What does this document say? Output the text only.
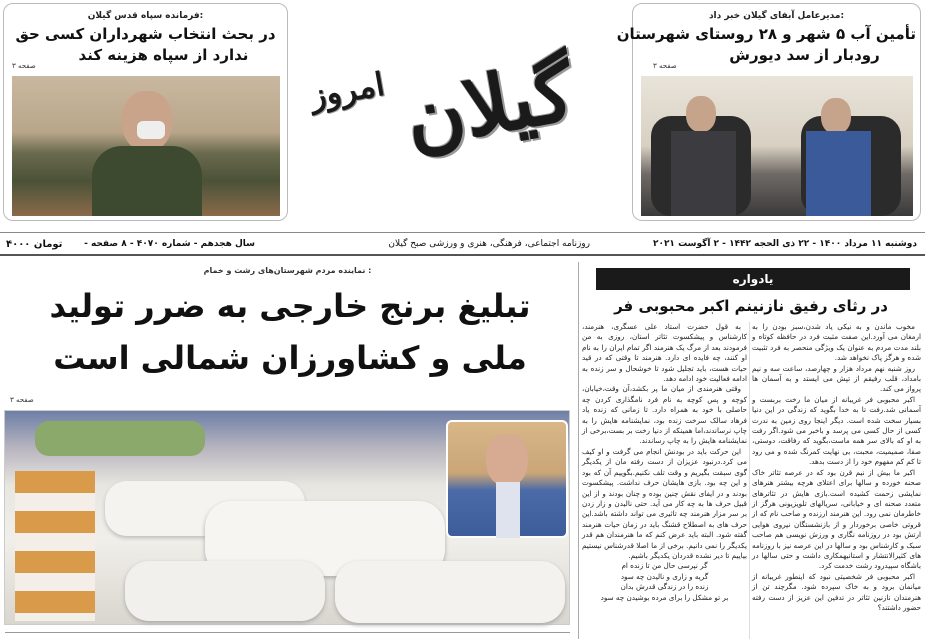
فرمانده سپاه قدس گیلان:
در بحث انتخاب شهرداران کسی حق
ندارد از سپاه هزینه کند
صفحه ۳
مدیرعامل آبفای گیلان خبر داد:
تأمین آب ۵ شهر و ۲۸ روستای شهرستان
رودبار از سد دیورش
صفحه ۳
امروز گیلان
دوشنبه ۱۱ مرداد ۱۴۰۰ - ۲۲ ذی الحجه ۱۴۴۲ - ۲ آگوست ۲۰۲۱
روزنامه اجتماعی، فرهنگی، هنری و ورزشی صبح گیلان
سال هجدهم - شماره ۴۰۷۰ - ۸ صفحه -
۴۰۰۰ تومان
نماینده مردم شهرستان‌های رشت و خمام :
تبلیغ برنج خارجی به ضرر تولید
ملی و کشاورزان شمالی است
صفحه ۳
یادواره
در رثای رفیق نازنینم اکبر محبوبی فر

مخوب ماندن و به نیکی یاد شدن،سبز بودن را به ارمغان می آورد.این صفت مثبت فرد در حافظه کوتاه و بلند مدت مردم به عنوان یک ویژگی منحصر به فرد تثبیت شده و هرگز پاک نخواهد شد.

روز شنبه نهم مرداد هزار و چهارصد، ساعت سه و نیم بامداد، قلب رفیقم از تپش می ایستد و به آسمان ها پرواز می کند.

اکبر محبوبی فر غریبانه از میان ما رخت بربست و آسمانی شد.رفت تا به خدا بگوید که زندگی در این دنیا بسیار سخت شده است. دیگر اینجا روی زمین به ندرت کسی از حال کسی می پرسد و باخبر می شود.اگر رفت به او که بالای سر همه ماست،بگوید که رفاقت، دوستی، صفا، صمیمیت، محبت، بی نهایت کمرنگ شده و می رود تا کم کم مفهوم خود را از دست بدهد.

اکبر ما بیش از نیم قرن بود که در عرصه تئاتر خاک صحنه خورده و سالها برای اعتلای هرچه بیشتر هنرهای نمایشی زحمت کشیده است.بازی هایش در تئاترهای متعدد صحنه ای و خیابانی، سریالهای تلویزیونی هرگز از خاطرمان نمی رود. این هنرمند ارزنده و صاحب نام که از قروتی خاصی برخوردار و از بازنشستگان نیروی هوایی ارتش بود در روزنامه نگاری و ورزش نویسی هم صاحب سبک و کارشناس بود و سالها در این عرصه نیز با روزنامه های کثیرالانتشار و استانیهمکاری داشت و حتی سالها در باشگاه سپیدرود رشت خدمت کرد.

اکبر محبوبی فر شخصیتی نبود که اینطور غریبانه از میانمان برود و به خاک سپرده شود. مگرچند تن از هنرمندان نازنین تئاتر در تدفین این عزیز از دست رفته حضور داشتند؟

به قول حضرت استاد علی عسگری، هنرمند، کارشناس و پیشکسوت تئاتر استان، روزی به من فرمودند بعد از مرگ یک هنرمند اگر تمام ایران را به نام او کنند، چه فایده ای دارد. هنرمند تا وقتی که در قید حیات هست، باید تجلیل شود تا خوشحال و سر زنده به ادامه فعالیت خود ادامه دهد.

وقتی هنرمندی از میان ما پر بکشد،آن وقت،خیابان، کوچه و پس کوچه به نام فرد نامگذاری کردن چه حاصلی با خود به همراه دارد. تا زمانی که زنده یاد فرهاد سالک سرخت زنده بود، نمایشنامه هایش را به چاپ نرساندند،اما همینکه از دنیا رخت بر بست،برخی از نمایشنامه هایش را به چاپ رساندند.

این حرکت باید در بودنش انجام می گرفت و او کیف می کرد.درنبود عزیزان از دست رفته مان از یکدیگر گوی سبقت بگیریم و وقت تلف نکنیم.بگوییم آن که بود و این چه بود. بازی هایشان حرف نداشت. پیشکسوت بودند و در ایفای نقش چنین بوده و چنان بودند و از این قبیل حرف ها به چه کار می آید. حتی نالیدن و زار زدن بر سر مزار هنرمند چه تاثیری می تواند داشته باشد.این حرف های به اصطلاح قشنگ باید در زمان حیات هنرمند گفته شود. البته باید عرض کنم که ما هنرمندان هم قدر یکدیگر را نمی دانیم. برخی از ما اصلا قدرشناس نیستیم بیاییم تا دیر نشده قدردان یکدیگر باشیم.

گر نپرسی حال من تا زنده ام

گریه و زاری و نالیدن چه سود

زنده را در زندگی قدرش بدان

بر تو مشکل را برای مرده بوشیدن چه سود
